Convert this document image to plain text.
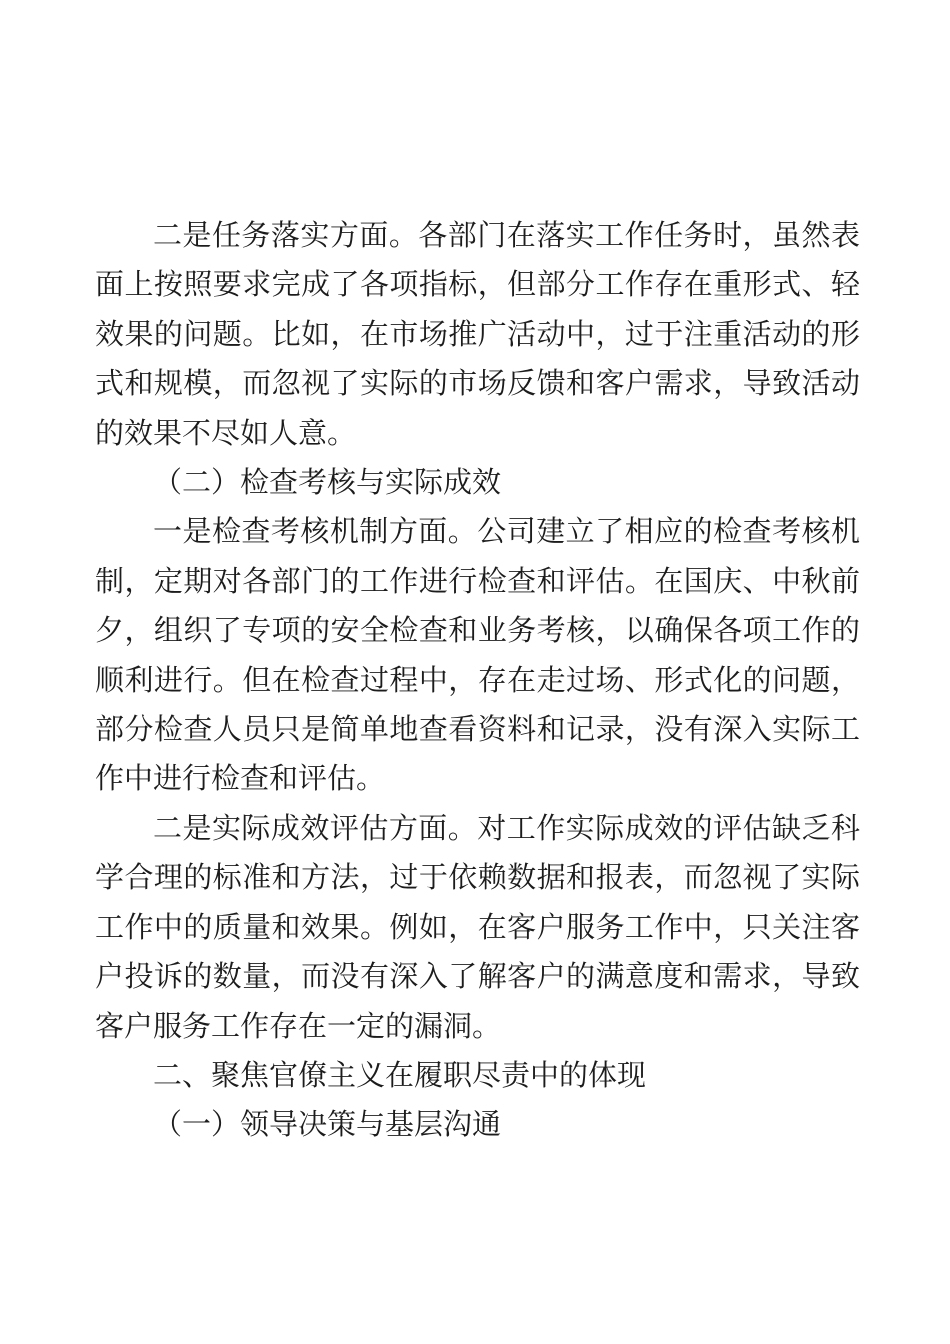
二是任务落实方面。各部门在落实工作任务时，虽然表面上按照要求完成了各项指标，但部分工作存在重形式、轻效果的问题。比如，在市场推广活动中，过于注重活动的形式和规模，而忽视了实际的市场反馈和客户需求，导致活动的效果不尽如人意。

（二）检查考核与实际成效

一是检查考核机制方面。公司建立了相应的检查考核机制，定期对各部门的工作进行检查和评估。在国庆、中秋前夕，组织了专项的安全检查和业务考核，以确保各项工作的顺利进行。但在检查过程中，存在走过场、形式化的问题，部分检查人员只是简单地查看资料和记录，没有深入实际工作中进行检查和评估。

二是实际成效评估方面。对工作实际成效的评估缺乏科学合理的标准和方法，过于依赖数据和报表，而忽视了实际工作中的质量和效果。例如，在客户服务工作中，只关注客户投诉的数量，而没有深入了解客户的满意度和需求，导致客户服务工作存在一定的漏洞。

二、聚焦官僚主义在履职尽责中的体现

（一）领导决策与基层沟通
